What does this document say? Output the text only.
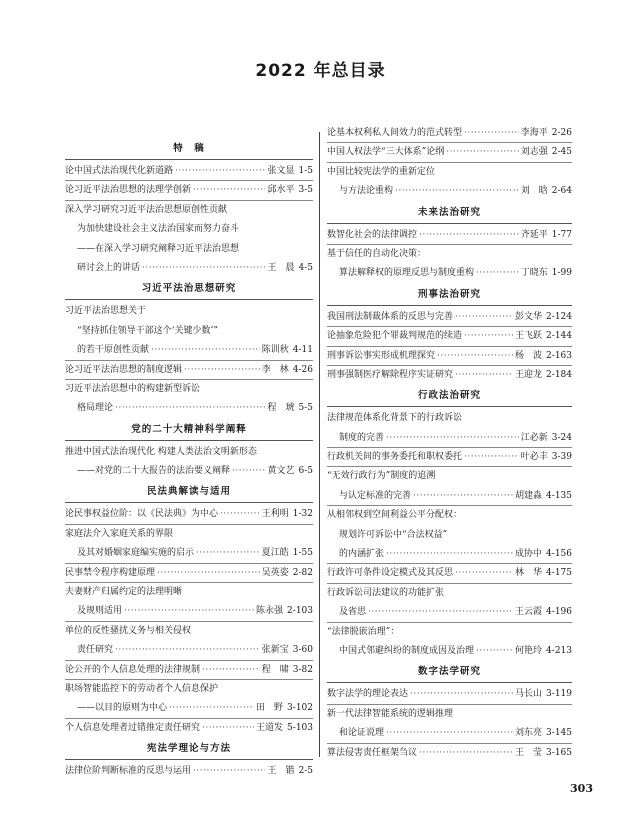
2022 年总目录
特　稿
论中国式法治现代化新道路 ·····	张文显 1-5
论习近平法治思想的法理学创新 ·····	邱水平 3-5
深入学习研究习近平法治思想原创性贡献
为加快建设社会主义法治国家而努力奋斗
——在深入学习研究阐释习近平法治思想
研讨会上的讲话 ·····	王　晨 4-5
习近平法治思想研究
习近平法治思想关于
“坚持抓住领导干部这个‘关键少数’”
的若干原创性贡献 ·····	陈训秋 4-11
论习近平法治思想的制度逻辑 ·····	李　林 4-26
习近平法治思想中的构建新型诉讼
格局理论 ·····	程　琥 5-5
党的二十大精神科学阐释
推进中国式法治现代化 构建人类法治文明新形态
——对党的二十大报告的法治要义阐释 ·····	黄文艺 6-5
民法典解读与适用
论民事权益位阶：以《民法典》为中心 ·····	王利明 1-32
家庭法介入家庭关系的界限
及其对婚姻家庭编实施的启示 ·····	夏江皓 1-55
民事禁令程序构建原理 ·····	吴英姿 2-82
夫妻财产归属约定的法理明晰
及规则适用 ·····	陈永强 2-103
单位的反性骚扰义务与相关侵权
责任研究 ·····	张新宝 3-60
论公开的个人信息处理的法律规制 ·····	程　啸 3-82
职场智能监控下的劳动者个人信息保护
——以目的原则为中心 ·····	田　野 3-102
个人信息处理者过错推定责任研究 ·····	王道发 5-103
宪法学理论与方法
法律位阶判断标准的反思与运用 ·····	王　锴 2-5
论基本权利私人间效力的范式转型 ·····	李海平 2-26
中国人权法学“三大体系”论纲 ·····	刘志强 2-45
中国比较宪法学的重新定位
与方法论重构 ·····	刘　晗 2-64
未来法治研究
数智化社会的法律调控 ·····	齐延平 1-77
基于信任的自动化决策：
算法解释权的原理反思与制度重构 ·····	丁晓东 1-99
刑事法治研究
我国刑法制裁体系的反思与完善 ·····	彭文华 2-124
论抽象危险犯个罪裁判规范的续造 ·····	王飞跃 2-144
刑事诉讼事实形成机理探究 ·····	杨　波 2-163
刑事强制医疗解除程序实证研究 ·····	王迎龙 2-184
行政法治研究
法律规范体系化背景下的行政诉讼
制度的完善 ·····	江必新 3-24
行政机关间的事务委托和职权委托 ·····	叶必丰 3-39
“无效行政行为”制度的追溯
与认定标准的完善 ·····	胡建淼 4-135
从相邻权到空间利益公平分配权：
规划许可诉讼中“合法权益”
的内涵扩张 ·····	成协中 4-156
行政许可条件设定模式及其反思 ·····	林　华 4-175
行政诉讼司法建议的功能扩张
及省思 ·····	王云霞 4-196
“法律脱嵌治理”：
中国式邻避纠纷的制度成因及治理 ·····	何艳玲 4-213
数字法学研究
数字法学的理论表达 ·····	马长山 3-119
新一代法律智能系统的逻辑推理
和论证说理 ·····	刘东亮 3-145
算法侵害责任框架刍议 ·····	王　莹 3-165
303
